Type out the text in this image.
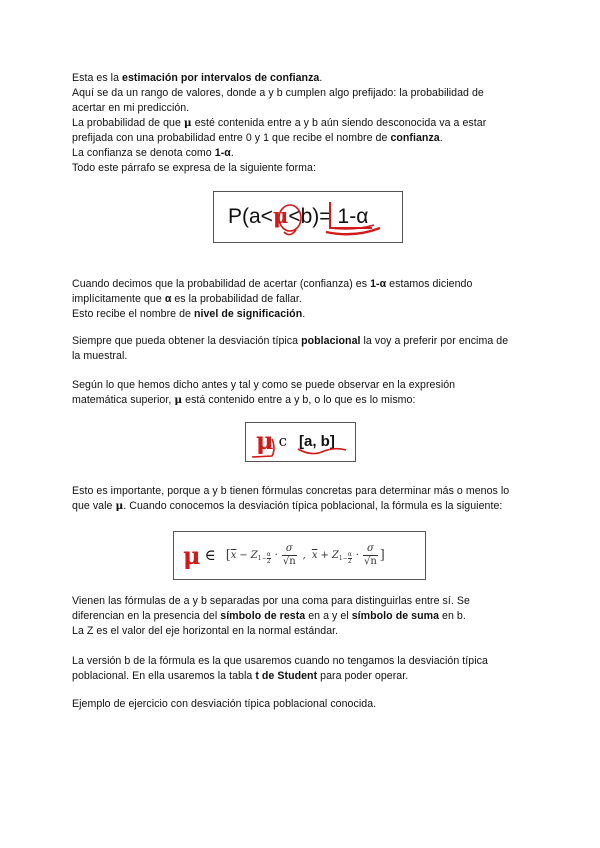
Esta es la estimación por intervalos de confianza.

Aquí se da un rango de valores, donde a y b cumplen algo prefijado: la probabilidad de

acertar en mi predicción.

La probabilidad de que μ esté contenida entre a y b aún siendo desconocida va a estar

prefijada con una probabilidad entre 0 y 1 que recibe el nombre de confianza.

La confianza se denota como 1-α.

Todo este párrafo se expresa de la siguiente forma:

P(a<μ<b)= 1-α

Cuando decimos que la probabilidad de acertar (confianza) es 1-α estamos diciendo

implícitamente que α es la probabilidad de fallar.

Esto recibe el nombre de nivel de significación.

Siempre que pueda obtener la desviación típica poblacional la voy a preferir por encima de

la muestral.

Según lo que hemos dicho antes y tal y como se puede observar en la expresión

matemática superior, μ está contenido entre a y b, o lo que es lo mismo:

μc [a, b]

Esto es importante, porque a y b tienen fórmulas concretas para determinar más o menos lo

que vale μ. Cuando conocemos la desviación típica poblacional, la fórmula es la siguiente:

μ ∈ [ $\overline{x} - Z$ $1- \frac{\alpha}{2}$ ·
σ
√n
, $\overline{x} + Z$ $1- \frac{\alpha}{2}$ ·
σ
√n ]

Vienen las fórmulas de a y b separadas por una coma para distinguirlas entre sí. Se

diferencian en la presencia del símbolo de resta en a y el símbolo de suma en b.

La Z es el valor del eje horizontal en la normal estándar.

La versión b de la fórmula es la que usaremos cuando no tengamos la desviación típica

poblacional. En ella usaremos la tabla t de Student para poder operar.

Ejemplo de ejercicio con desviación típica poblacional conocida.
